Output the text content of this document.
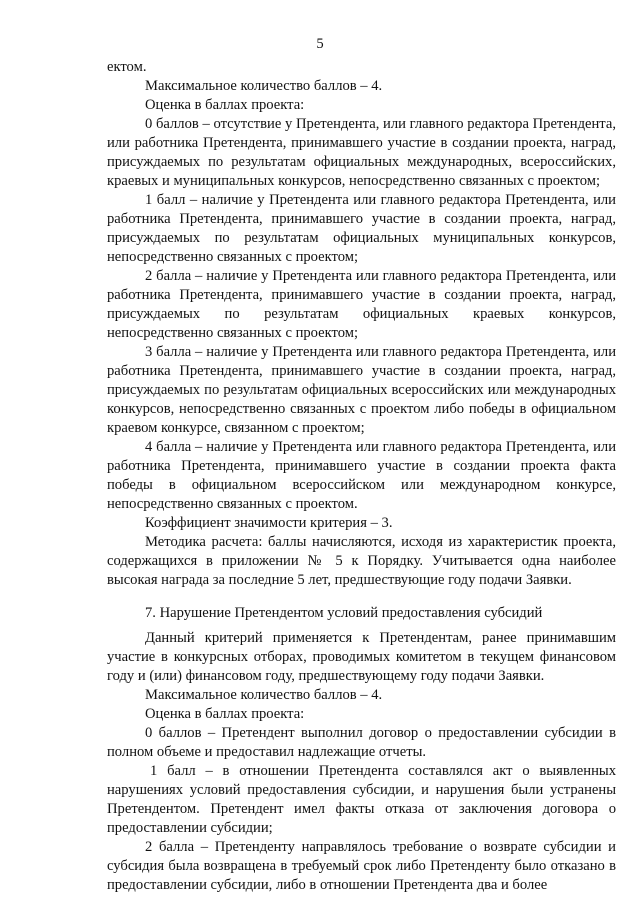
5

ектом.

Максимальное количество баллов – 4.

Оценка в баллах проекта:

0 баллов – отсутствие у Претендента, или главного редактора Претендента, или работника Претендента, принимавшего участие в создании проекта, наград, присуждаемых по результатам официальных международных, всероссийских, краевых и муниципальных конкурсов, непосредственно связанных с проектом;

1 балл – наличие у Претендента или главного редактора Претендента, или работника Претендента, принимавшего участие в создании проекта, наград, присуждаемых по результатам официальных муниципальных конкурсов, непосредственно связанных с проектом;

2 балла – наличие у Претендента или главного редактора Претендента, или работника Претендента, принимавшего участие в создании проекта, наград, присуждаемых по результатам официальных краевых конкурсов, непосредственно связанных с проектом;

3 балла – наличие у Претендента или главного редактора Претендента, или работника Претендента, принимавшего участие в создании проекта, наград, присуждаемых по результатам официальных всероссийских или международных конкурсов, непосредственно связанных с проектом либо победы в официальном краевом конкурсе, связанном с проектом;

4 балла – наличие у Претендента или главного редактора Претендента, или работника Претендента, принимавшего участие в создании проекта факта победы в официальном всероссийском или международном конкурсе, непосредственно связанных с проектом.

Коэффициент значимости критерия – 3.

Методика расчета: баллы начисляются, исходя из характеристик проекта, содержащихся в приложении № 5 к Порядку. Учитывается одна наиболее высокая награда за последние 5 лет, предшествующие году подачи Заявки.

7. Нарушение Претендентом условий предоставления субсидий

Данный критерий применяется к Претендентам, ранее принимавшим участие в конкурсных отборах, проводимых комитетом в текущем финансовом году и (или) финансовом году, предшествующему году подачи Заявки.

Максимальное количество баллов – 4.

Оценка в баллах проекта:

0 баллов – Претендент выполнил договор о предоставлении субсидии в полном объеме и предоставил надлежащие отчеты.

1 балл – в отношении Претендента составлялся акт о выявленных нарушениях условий предоставления субсидии, и нарушения были устранены Претендентом. Претендент имел факты отказа от заключения договора о предоставлении субсидии;

2 балла – Претенденту направлялось требование о возврате субсидии и субсидия была возвращена в требуемый срок либо Претенденту было отказано в предоставлении субсидии, либо в отношении Претендента два и более
